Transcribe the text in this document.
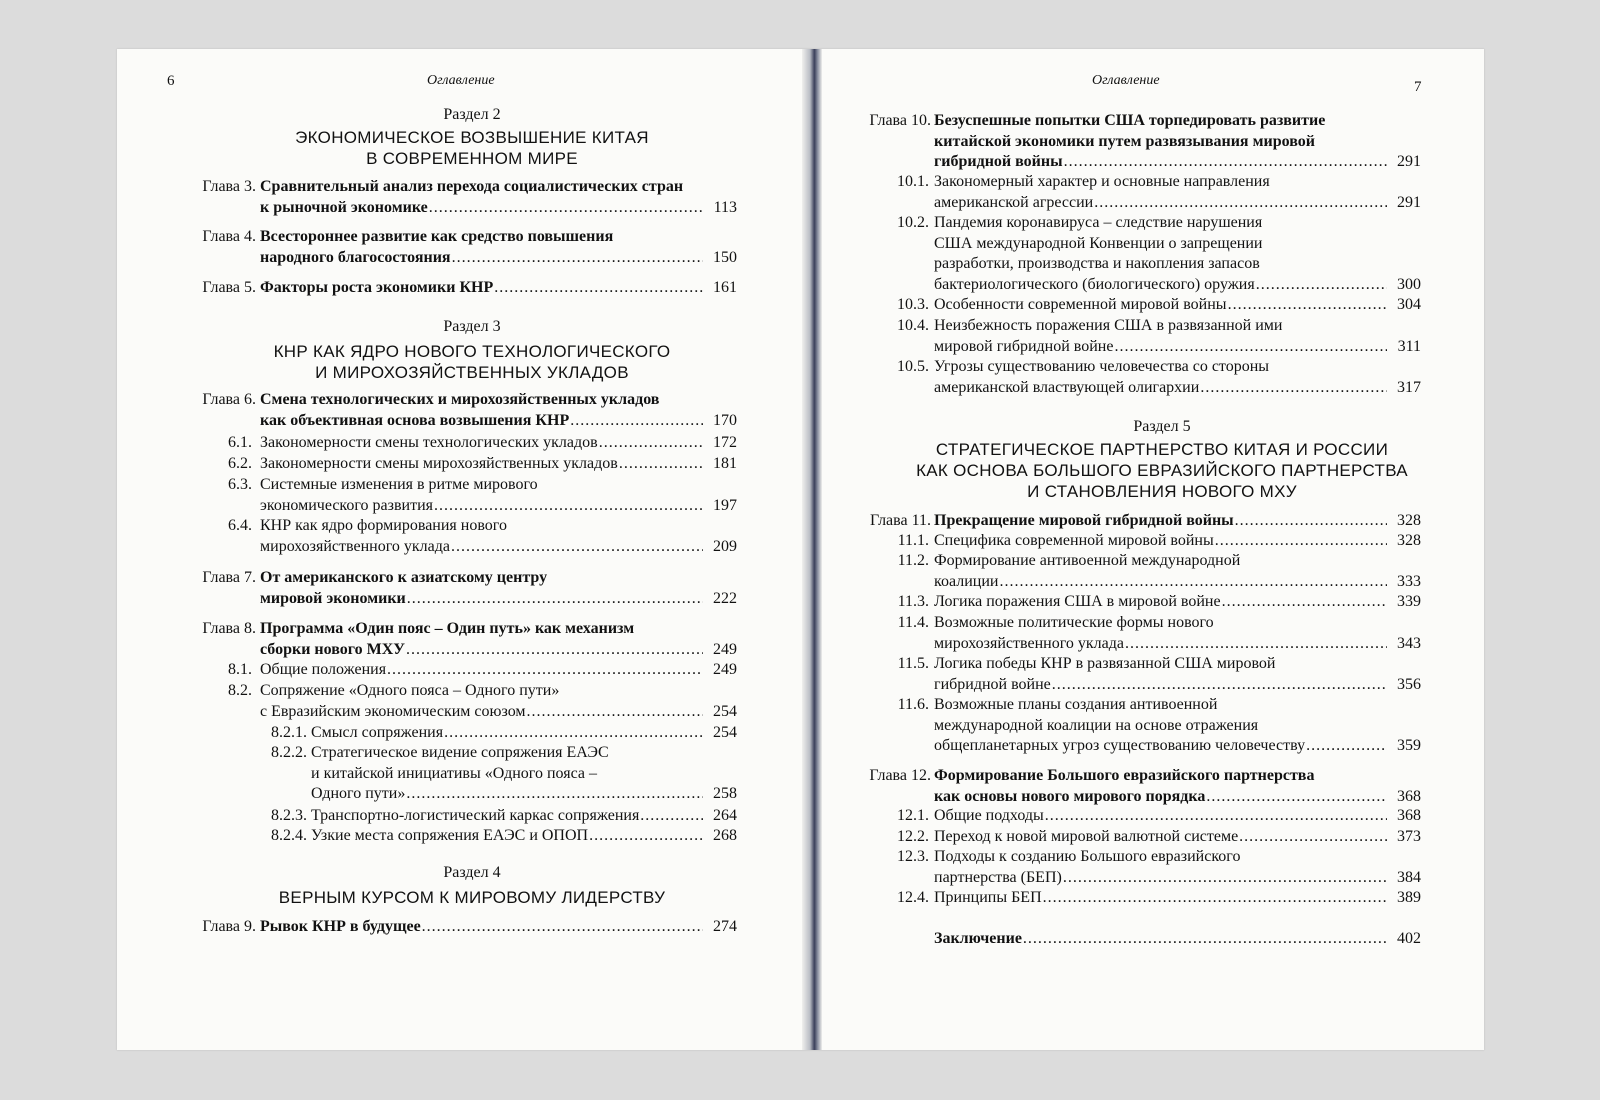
6	Оглавление
Раздел 2
ЭКОНОМИЧЕСКОЕ ВОЗВЫШЕНИЕ КИТАЯ
В СОВРЕМЕННОМ МИРЕ
Раздел 3
КНР КАК ЯДРО НОВОГО ТЕХНОЛОГИЧЕСКОГО
И МИРОХОЗЯЙСТВЕННЫХ УКЛАДОВ
Раздел 4
ВЕРНЫМ КУРСОМ К МИРОВОМУ ЛИДЕРСТВУ
Глава 3. Сравнительный анализ перехода социалистических стран
к рыночной экономике .....	113
Глава 4. Всестороннее развитие как средство повышения
народного благосостояния .....	150
Глава 5. Факторы роста экономики КНР .....	161
Глава 6. Смена технологических и мирохозяйственных укладов
как объективная основа возвышения КНР .....	170
6.1. Закономерности смены технологических укладов .....	172
6.2. Закономерности смены мирохозяйственных укладов .....	181
6.3. Системные изменения в ритме мирового
экономического развития .....	197
6.4. КНР как ядро формирования нового
мирохозяйственного уклада .....	209
Глава 7. От американского к азиатскому центру
мировой экономики .....	222
Глава 8. Программа «Один пояс – Один путь» как механизм
сборки нового МХУ .....	249
8.1. Общие положения .....	249
8.2. Сопряжение «Одного пояса – Одного пути»
с Евразийским экономическим союзом .....	254
8.2.1. Смысл сопряжения .....	254
8.2.2. Стратегическое видение сопряжения ЕАЭС
и китайской инициативы «Одного пояса –
Одного пути» .....	258
8.2.3. Транспортно-логистический каркас сопряжения .....	264
8.2.4. Узкие места сопряжения ЕАЭС и ОПОП .....	268
Глава 9. Рывок КНР в будущее .....	274
Оглавление	7
Раздел 5
СТРАТЕГИЧЕСКОЕ ПАРТНЕРСТВО КИТАЯ И РОССИИ
КАК ОСНОВА БОЛЬШОГО ЕВРАЗИЙСКОГО ПАРТНЕРСТВА
И СТАНОВЛЕНИЯ НОВОГО МХУ
Глава 10. Безуспешные попытки США торпедировать развитие
китайской экономики путем развязывания мировой
гибридной войны .....	291
10.1. Закономерный характер и основные направления
американской агрессии .....	291
10.2. Пандемия коронавируса – следствие нарушения
США международной Конвенции о запрещении
разработки, производства и накопления запасов
бактериологического (биологического) оружия .....	300
10.3. Особенности современной мировой войны .....	304
10.4. Неизбежность поражения США в развязанной ими
мировой гибридной войне .....	311
10.5. Угрозы существованию человечества со стороны
американской властвующей олигархии .....	317
Глава 11. Прекращение мировой гибридной войны .....	328
11.1. Специфика современной мировой войны .....	328
11.2. Формирование антивоенной международной
коалиции .....	333
11.3. Логика поражения США в мировой войне .....	339
11.4. Возможные политические формы нового
мирохозяйственного уклада .....	343
11.5. Логика победы КНР в развязанной США мировой
гибридной войне .....	356
11.6. Возможные планы создания антивоенной
международной коалиции на основе отражения
общепланетарных угроз существованию человечеству .....	359
Глава 12. Формирование Большого евразийского партнерства
как основы нового мирового порядка .....	368
12.1. Общие подходы .....	368
12.2. Переход к новой мировой валютной системе .....	373
12.3. Подходы к созданию Большого евразийского
партнерства (БЕП) .....	384
12.4. Принципы БЕП .....	389
Заключение .....	402
